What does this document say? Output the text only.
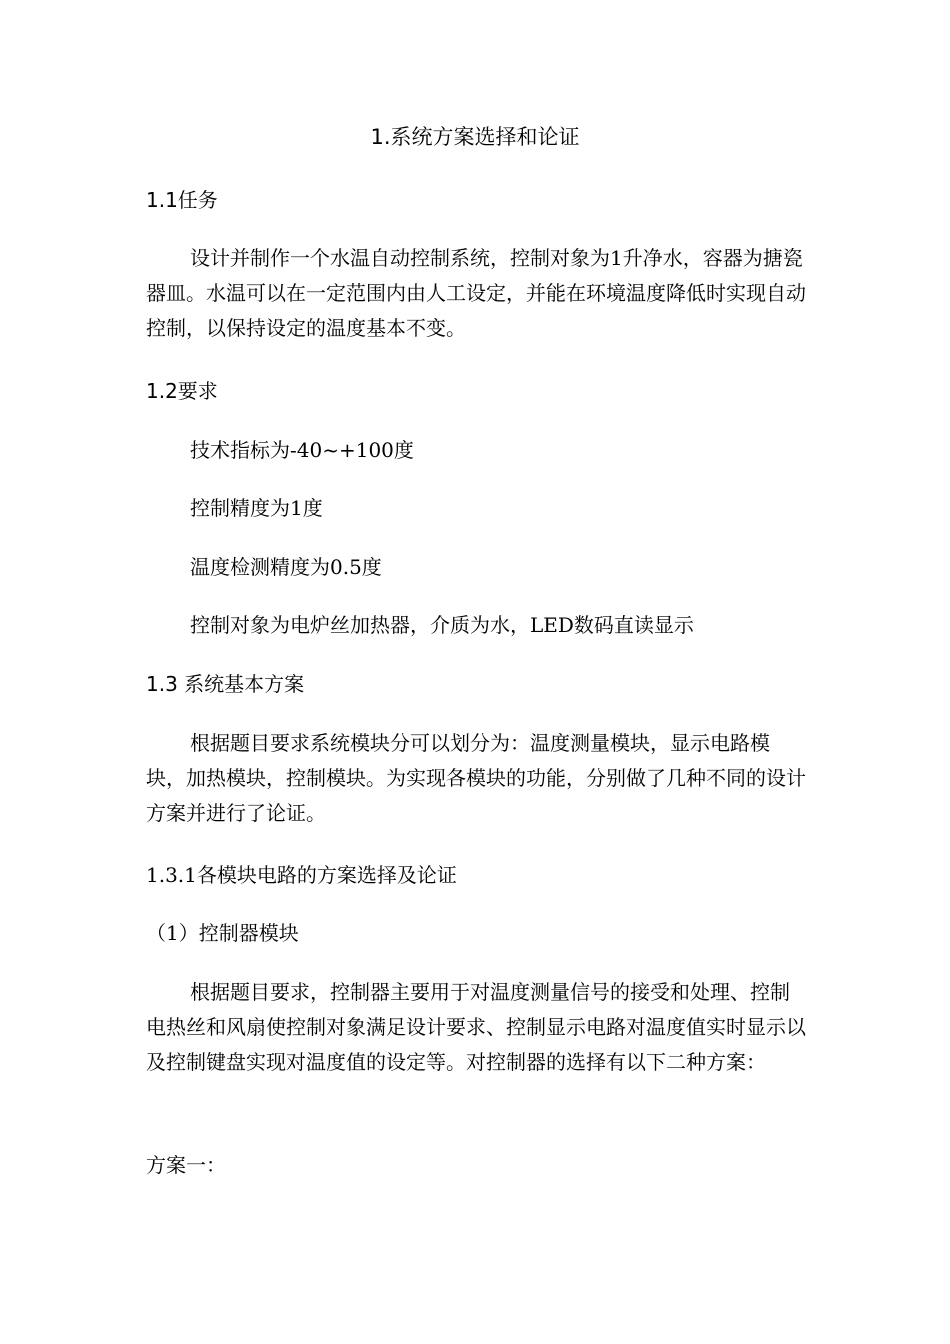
1.系统方案选择和论证
1.1任务
设计并制作一个水温自动控制系统，控制对象为1升净水，容器为搪瓷器皿。水温可以在一定范围内由人工设定，并能在环境温度降低时实现自动控制，以保持设定的温度基本不变。
1.2要求
技术指标为-40~+100度
控制精度为1度
温度检测精度为0.5度
控制对象为电炉丝加热器，介质为水，LED数码直读显示
1.3 系统基本方案
根据题目要求系统模块分可以划分为：温度测量模块，显示电路模块，加热模块，控制模块。为实现各模块的功能，分别做了几种不同的设计方案并进行了论证。
1.3.1各模块电路的方案选择及论证
（1）控制器模块
根据题目要求，控制器主要用于对温度测量信号的接受和处理、控制电热丝和风扇使控制对象满足设计要求、控制显示电路对温度值实时显示以及控制键盘实现对温度值的设定等。对控制器的选择有以下二种方案：
方案一：
